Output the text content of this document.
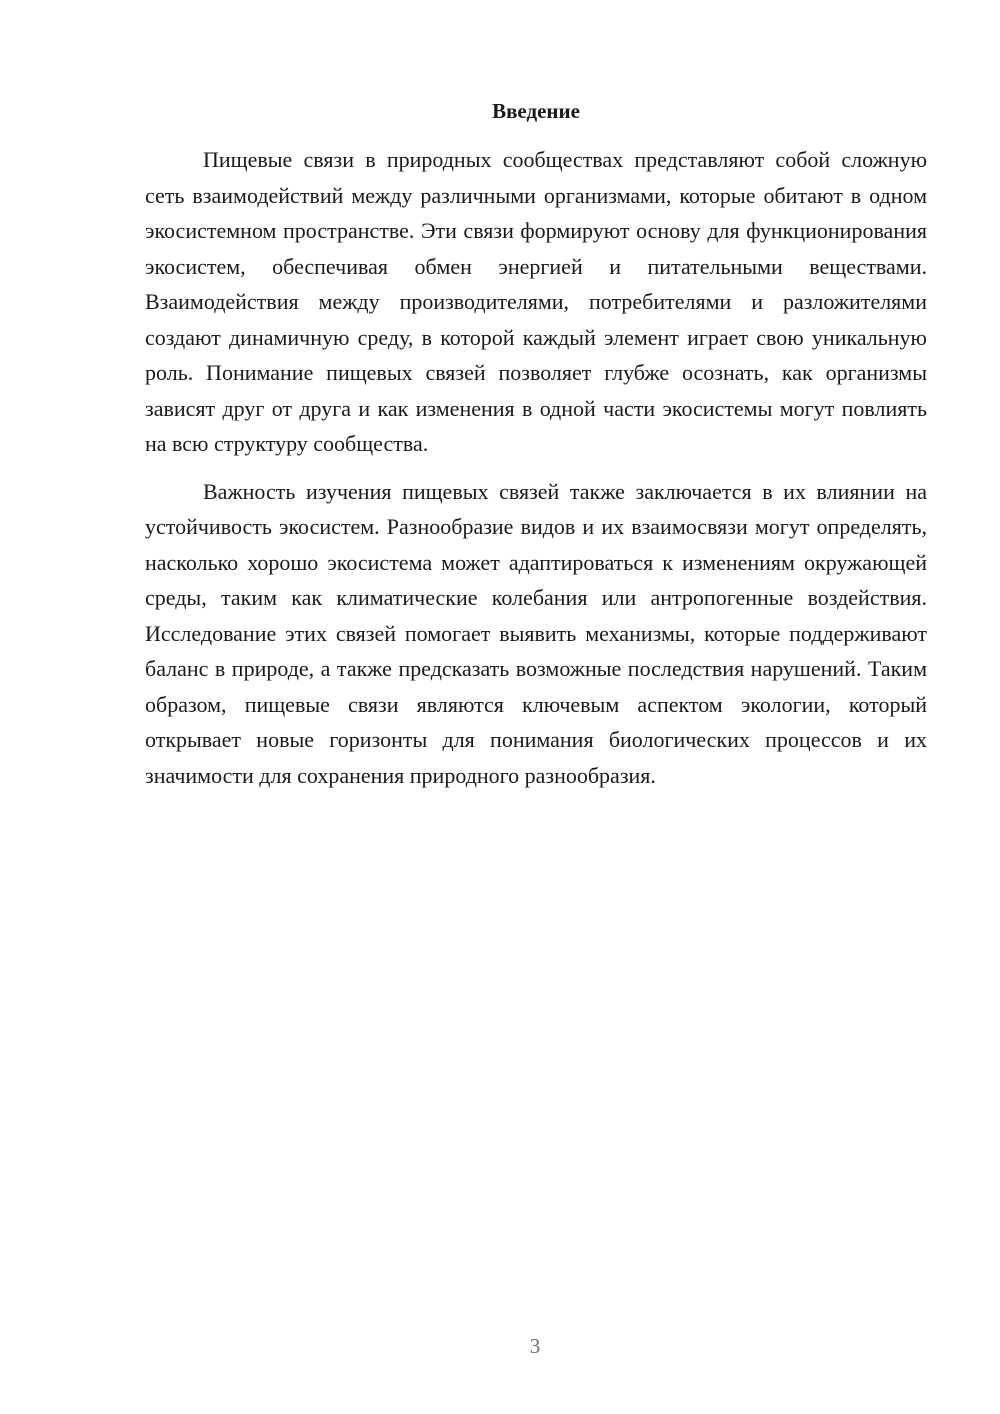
Введение

Пищевые связи в природных сообществах представляют собой сложную сеть взаимодействий между различными организмами, которые обитают в одном экосистемном пространстве. Эти связи формируют основу для функционирования экосистем, обеспечивая обмен энергией и питательными веществами. Взаимодействия между производителями, потребителями и разложителями создают динамичную среду, в которой каждый элемент играет свою уникальную роль. Понимание пищевых связей позволяет глубже осознать, как организмы зависят друг от друга и как изменения в одной части экосистемы могут повлиять на всю структуру сообщества.

Важность изучения пищевых связей также заключается в их влиянии на устойчивость экосистем. Разнообразие видов и их взаимосвязи могут определять, насколько хорошо экосистема может адаптироваться к изменениям окружающей среды, таким как климатические колебания или антропогенные воздействия. Исследование этих связей помогает выявить механизмы, которые поддерживают баланс в природе, а также предсказать возможные последствия нарушений. Таким образом, пищевые связи являются ключевым аспектом экологии, который открывает новые горизонты для понимания биологических процессов и их значимости для сохранения природного разнообразия.

3
